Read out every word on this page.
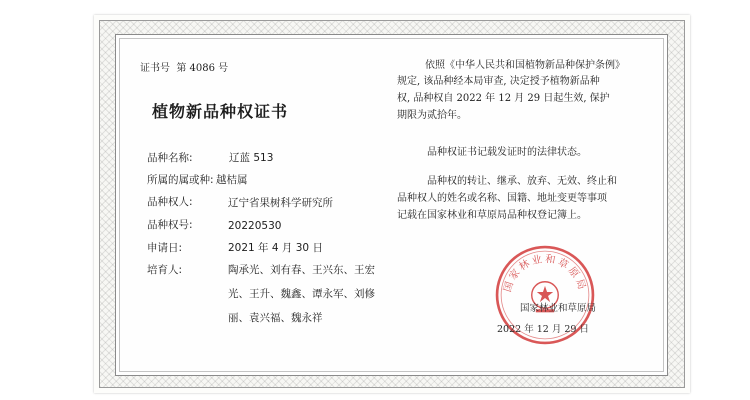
证书号 第 4086 号
植物新品种权证书
品种名称:	辽蓝 513
所属的属或种: 越桔属
品种权人:	辽宁省果树科学研究所
品种权号:	20220530
申请日:	2021 年 4 月 30 日
培育人:	陶承光、刘有春、王兴东、王宏
光、王升、魏鑫、谭永军、刘修
丽、袁兴福、魏永祥
依照《中华人民共和国植物新品种保护条例》
规定, 该品种经本局审查, 决定授予植物新品种
权, 品种权自 2022 年 12 月 29 日起生效, 保护
期限为贰拾年。
品种权证书记载发证时的法律状态。
品种权的转让、继承、放弃、无效、终止和
品种权人的姓名或名称、国籍、地址变更等事项
记载在国家林业和草原局品种权登记簿上。
国家林业和草原局
国家林业和草原局
2022 年 12 月 29 日
